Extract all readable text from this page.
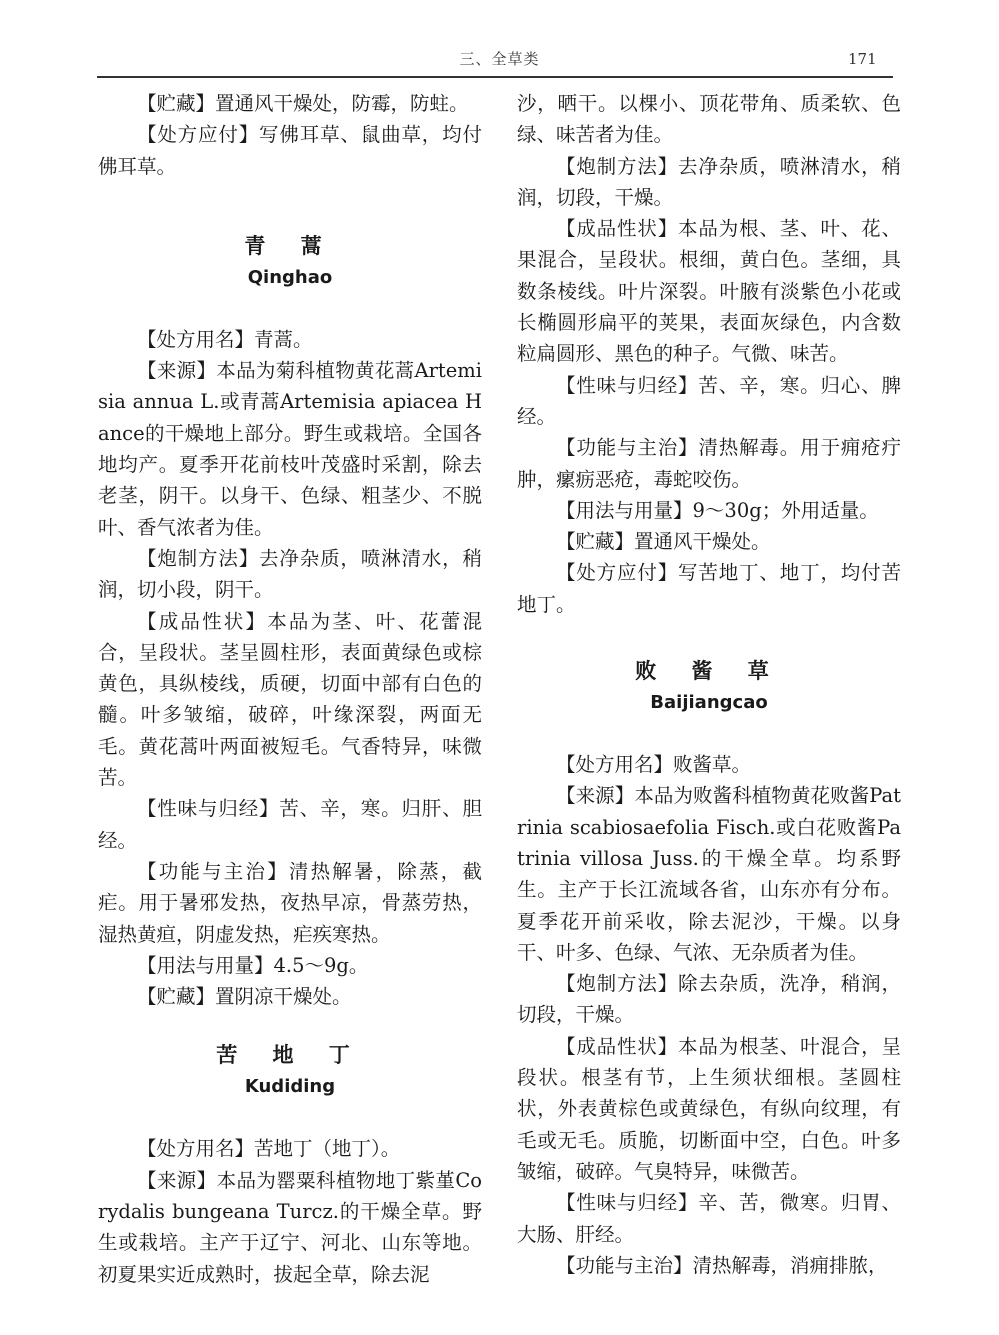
三、全草类	171

【贮藏】置通风干燥处，防霉，防蛀。

【处方应付】写佛耳草、鼠曲草，均付佛耳草。

青 蒿
Qinghao

【处方用名】青蒿。

【来源】本品为菊科植物黄花蒿Artemisia annua L.或青蒿Artemisia apiacea Hance的干燥地上部分。野生或栽培。全国各地均产。夏季开花前枝叶茂盛时采割，除去老茎，阴干。以身干、色绿、粗茎少、不脱叶、香气浓者为佳。

【炮制方法】去净杂质，喷淋清水，稍润，切小段，阴干。

【成品性状】本品为茎、叶、花蕾混合，呈段状。茎呈圆柱形，表面黄绿色或棕黄色，具纵棱线，质硬，切面中部有白色的髓。叶多皱缩，破碎，叶缘深裂，两面无毛。黄花蒿叶两面被短毛。气香特异，味微苦。

【性味与归经】苦、辛，寒。归肝、胆经。

【功能与主治】清热解暑，除蒸，截疟。用于暑邪发热，夜热早凉，骨蒸劳热，湿热黄疸，阴虚发热，疟疾寒热。

【用法与用量】4.5～9g。

【贮藏】置阴凉干燥处。

苦 地 丁
Kudiding

【处方用名】苦地丁（地丁）。

【来源】本品为罂粟科植物地丁紫堇Corydalis bungeana Turcz.的干燥全草。野生或栽培。主产于辽宁、河北、山东等地。初夏果实近成熟时，拔起全草，除去泥

沙，晒干。以棵小、顶花带角、质柔软、色绿、味苦者为佳。

【炮制方法】去净杂质，喷淋清水，稍润，切段，干燥。

【成品性状】本品为根、茎、叶、花、果混合，呈段状。根细，黄白色。茎细，具数条棱线。叶片深裂。叶腋有淡紫色小花或长椭圆形扁平的荚果，表面灰绿色，内含数粒扁圆形、黑色的种子。气微、味苦。

【性味与归经】苦、辛，寒。归心、脾经。

【功能与主治】清热解毒。用于痈疮疔肿，瘰疬恶疮，毒蛇咬伤。

【用法与用量】9～30g；外用适量。

【贮藏】置通风干燥处。

【处方应付】写苦地丁、地丁，均付苦地丁。

败 酱 草
Baijiangcao

【处方用名】败酱草。

【来源】本品为败酱科植物黄花败酱Patrinia scabiosaefolia Fisch.或白花败酱Patrinia villosa Juss.的干燥全草。均系野生。主产于长江流域各省，山东亦有分布。夏季花开前采收，除去泥沙，干燥。以身干、叶多、色绿、气浓、无杂质者为佳。

【炮制方法】除去杂质，洗净，稍润，切段，干燥。

【成品性状】本品为根茎、叶混合，呈段状。根茎有节，上生须状细根。茎圆柱状，外表黄棕色或黄绿色，有纵向纹理，有毛或无毛。质脆，切断面中空，白色。叶多皱缩，破碎。气臭特异，味微苦。

【性味与归经】辛、苦，微寒。归胃、大肠、肝经。

【功能与主治】清热解毒，消痈排脓，
